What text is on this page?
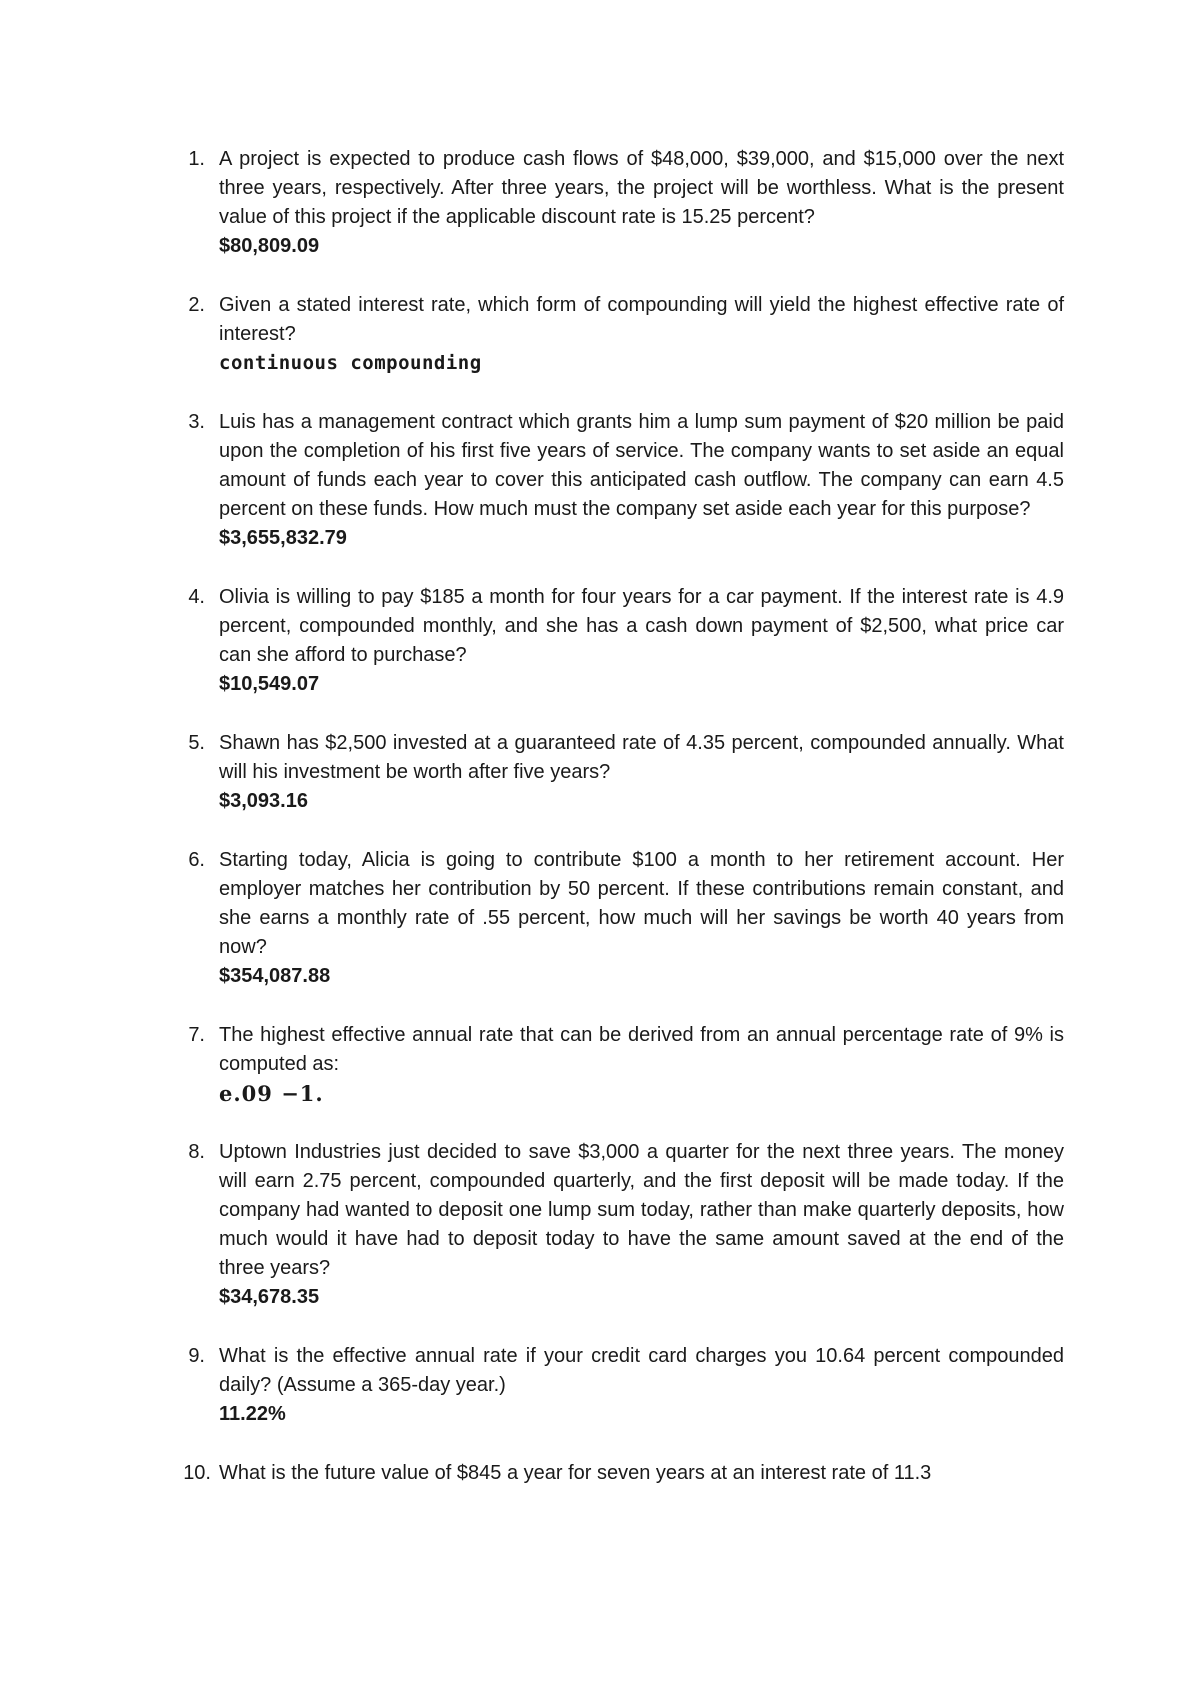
1. A project is expected to produce cash flows of $48,000, $39,000, and $15,000 over the next three years, respectively. After three years, the project will be worthless. What is the present value of this project if the applicable discount rate is 15.25 percent?

$80,809.09

2. Given a stated interest rate, which form of compounding will yield the highest effective rate of interest?

continuous compounding

3. Luis has a management contract which grants him a lump sum payment of $20 million be paid upon the completion of his first five years of service. The company wants to set aside an equal amount of funds each year to cover this anticipated cash outflow. The company can earn 4.5 percent on these funds. How much must the company set aside each year for this purpose?

$3,655,832.79

4. Olivia is willing to pay $185 a month for four years for a car payment. If the interest rate is 4.9 percent, compounded monthly, and she has a cash down payment of $2,500, what price car can she afford to purchase?

$10,549.07

5. Shawn has $2,500 invested at a guaranteed rate of 4.35 percent, compounded annually. What will his investment be worth after five years?

$3,093.16

6. Starting today, Alicia is going to contribute $100 a month to her retirement account. Her employer matches her contribution by 50 percent. If these contributions remain constant, and she earns a monthly rate of .55 percent, how much will her savings be worth 40 years from now?

$354,087.88

7. The highest effective annual rate that can be derived from an annual percentage rate of 9% is computed as:

e.09 −1.

8. Uptown Industries just decided to save $3,000 a quarter for the next three years. The money will earn 2.75 percent, compounded quarterly, and the first deposit will be made today. If the company had wanted to deposit one lump sum today, rather than make quarterly deposits, how much would it have had to deposit today to have the same amount saved at the end of the three years?

$34,678.35

9. What is the effective annual rate if your credit card charges you 10.64 percent compounded daily? (Assume a 365-day year.)

11.22%

10. What is the future value of $845 a year for seven years at an interest rate of 11.3
